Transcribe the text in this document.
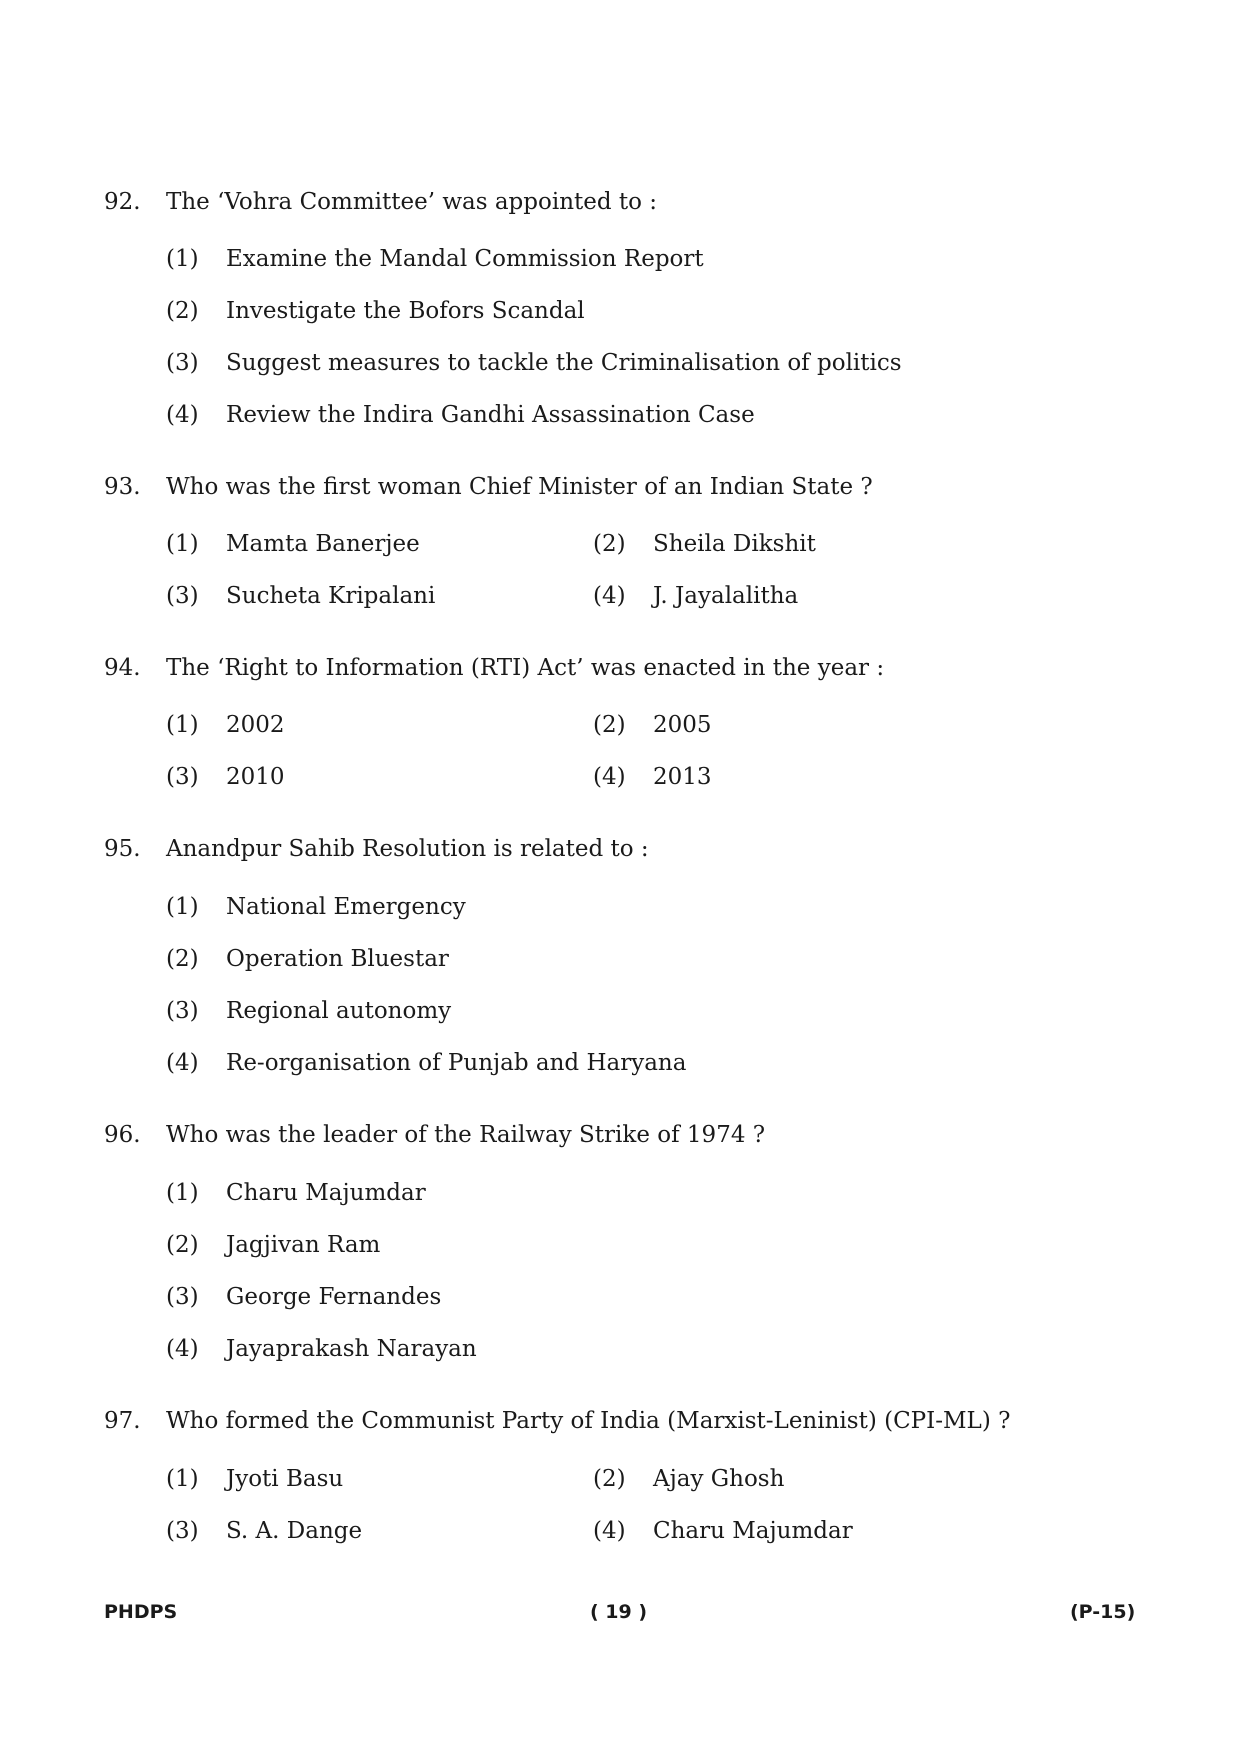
92. The ‘Vohra Committee’ was appointed to :
(1) Examine the Mandal Commission Report
(2) Investigate the Bofors Scandal
(3) Suggest measures to tackle the Criminalisation of politics
(4) Review the Indira Gandhi Assassination Case
93. Who was the first woman Chief Minister of an Indian State ?
(1) Mamta Banerjee	(2) Sheila Dikshit
(3) Sucheta Kripalani	(4) J. Jayalalitha
94. The ‘Right to Information (RTI) Act’ was enacted in the year :
(1) 2002	(2) 2005
(3) 2010	(4) 2013
95. Anandpur Sahib Resolution is related to :
(1) National Emergency
(2) Operation Bluestar
(3) Regional autonomy
(4) Re-organisation of Punjab and Haryana
96. Who was the leader of the Railway Strike of 1974 ?
(1) Charu Majumdar
(2) Jagjivan Ram
(3) George Fernandes
(4) Jayaprakash Narayan
97. Who formed the Communist Party of India (Marxist-Leninist) (CPI-ML) ?
(1) Jyoti Basu	(2) Ajay Ghosh
(3) S. A. Dange	(4) Charu Majumdar
PHDPS	( 19 )	(P-15)
